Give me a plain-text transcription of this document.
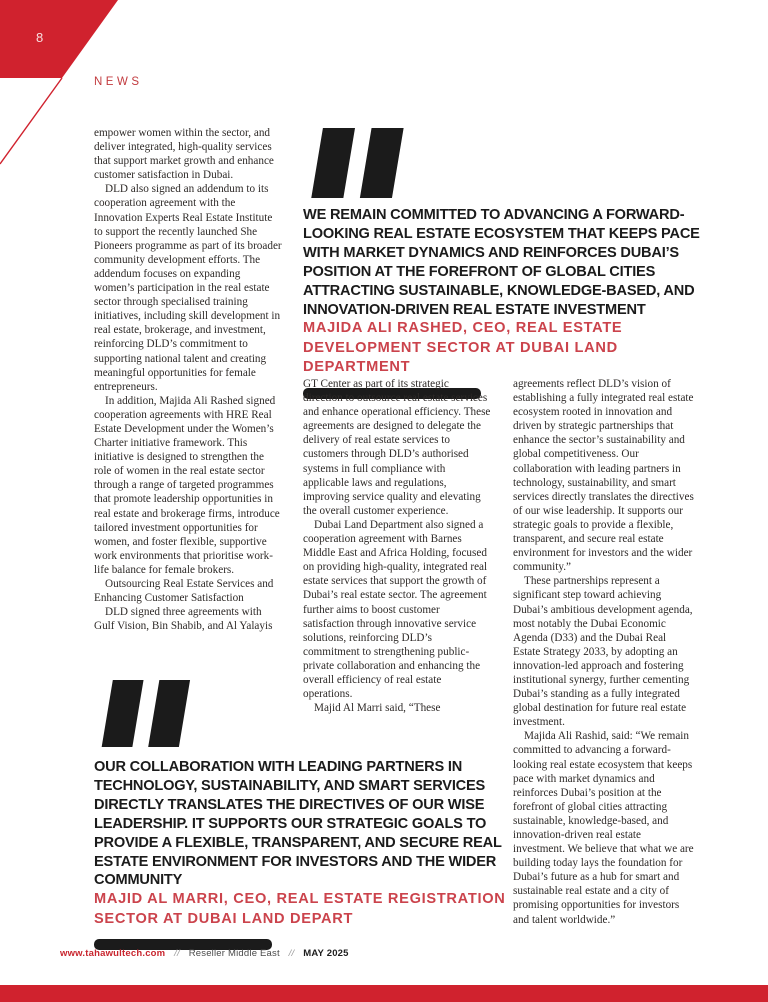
8
NEWS

empower women within the sector, and deliver integrated, high-quality services that support market growth and enhance customer satisfaction in Dubai.

DLD also signed an addendum to its cooperation agreement with the Innovation Experts Real Estate Institute to support the recently launched She Pioneers programme as part of its broader community development efforts. The addendum focuses on expanding women’s participation in the real estate sector through specialised training initiatives, including skill development in real estate, brokerage, and investment, reinforcing DLD’s commitment to supporting national talent and creating meaningful opportunities for female entrepreneurs.

In addition, Majida Ali Rashed signed cooperation agreements with HRE Real Estate Development under the Women’s Charter initiative framework. This initiative is designed to strengthen the role of women in the real estate sector through a range of targeted programmes that promote leadership opportunities in real estate and brokerage firms, introduce tailored investment opportunities for women, and foster flexible, supportive work environments that prioritise work-life balance for female brokers.

Outsourcing Real Estate Services and Enhancing Customer Satisfaction

DLD signed three agreements with Gulf Vision, Bin Shabib, and Al Yalayis

WE REMAIN COMMITTED TO ADVANCING A FORWARD-LOOKING REAL ESTATE ECOSYSTEM THAT KEEPS PACE WITH MARKET DYNAMICS AND REINFORCES DUBAI’S POSITION AT THE FOREFRONT OF GLOBAL CITIES ATTRACTING SUSTAINABLE, KNOWLEDGE-BASED, AND INNOVATION-DRIVEN REAL ESTATE INVESTMENT
MAJIDA ALI RASHED, CEO, REAL ESTATE DEVELOPMENT SECTOR AT DUBAI LAND DEPARTMENT

GT Center as part of its strategic direction to outsource real estate services and enhance operational efficiency. These agreements are designed to delegate the delivery of real estate services to customers through DLD’s authorised systems in full compliance with applicable laws and regulations, improving service quality and elevating the overall customer experience.

Dubai Land Department also signed a cooperation agreement with Barnes Middle East and Africa Holding, focused on providing high-quality, integrated real estate services that support the growth of Dubai’s real estate sector. The agreement further aims to boost customer satisfaction through innovative service solutions, reinforcing DLD’s commitment to strengthening public-private collaboration and enhancing the overall efficiency of real estate operations.

Majid Al Marri said, “These

agreements reflect DLD’s vision of establishing a fully integrated real estate ecosystem rooted in innovation and driven by strategic partnerships that enhance the sector’s sustainability and global competitiveness. Our collaboration with leading partners in technology, sustainability, and smart services directly translates the directives of our wise leadership. It supports our strategic goals to provide a flexible, transparent, and secure real estate environment for investors and the wider community.”

These partnerships represent a significant step toward achieving Dubai’s ambitious development agenda, most notably the Dubai Economic Agenda (D33) and the Dubai Real Estate Strategy 2033, by adopting an innovation-led approach and fostering institutional synergy, further cementing Dubai’s standing as a fully integrated global destination for future real estate investment.

Majida Ali Rashid, said: “We remain committed to advancing a forward-looking real estate ecosystem that keeps pace with market dynamics and reinforces Dubai’s position at the forefront of global cities attracting sustainable, knowledge-based, and innovation-driven real estate investment. We believe that what we are building today lays the foundation for Dubai’s future as a hub for smart and sustainable real estate and a city of promising opportunities for investors and talent worldwide.”

OUR COLLABORATION WITH LEADING PARTNERS IN TECHNOLOGY, SUSTAINABILITY, AND SMART SERVICES DIRECTLY TRANSLATES THE DIRECTIVES OF OUR WISE LEADERSHIP. IT SUPPORTS OUR STRATEGIC GOALS TO PROVIDE A FLEXIBLE, TRANSPARENT, AND SECURE REAL ESTATE ENVIRONMENT FOR INVESTORS AND THE WIDER COMMUNITY
MAJID AL MARRI, CEO, REAL ESTATE REGISTRATION SECTOR AT DUBAI LAND DEPART
www.tahawultech.com // Reseller Middle East // MAY 2025
